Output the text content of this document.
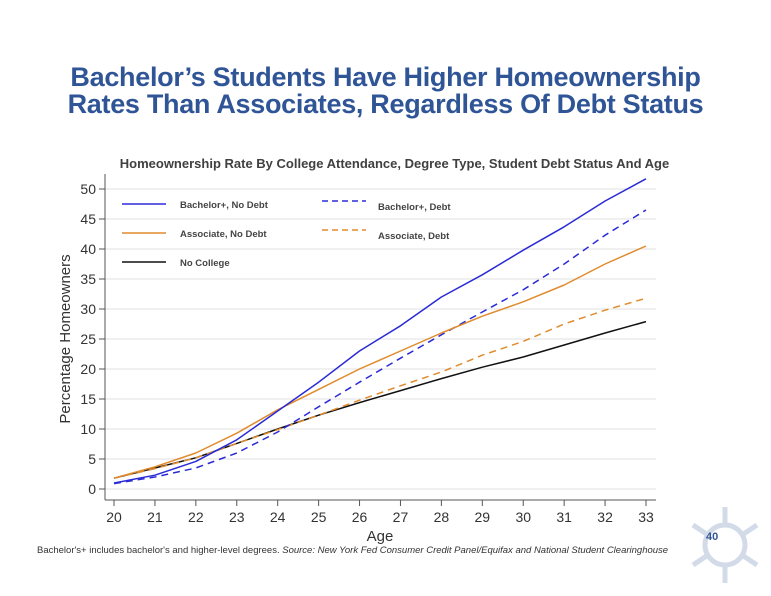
Bachelor’s Students Have Higher Homeownership
Rates Than Associates, Regardless Of Debt Status
Homeownership Rate By College Attendance, Degree Type, Student Debt Status And Age
0
5
10
15
20
25
30
35
40
45
50
20 21 22 23 24 25 26 27 28 29 30 31 32 33
Bachelor+, No Debt	Bachelor+, Debt
Associate, No Debt	Associate, Debt
No College
Percentage Homeowners
Age
Bachelor's+ includes bachelor's and higher-level degrees. Source: New York Fed Consumer Credit Panel/Equifax and National Student Clearinghouse
40
